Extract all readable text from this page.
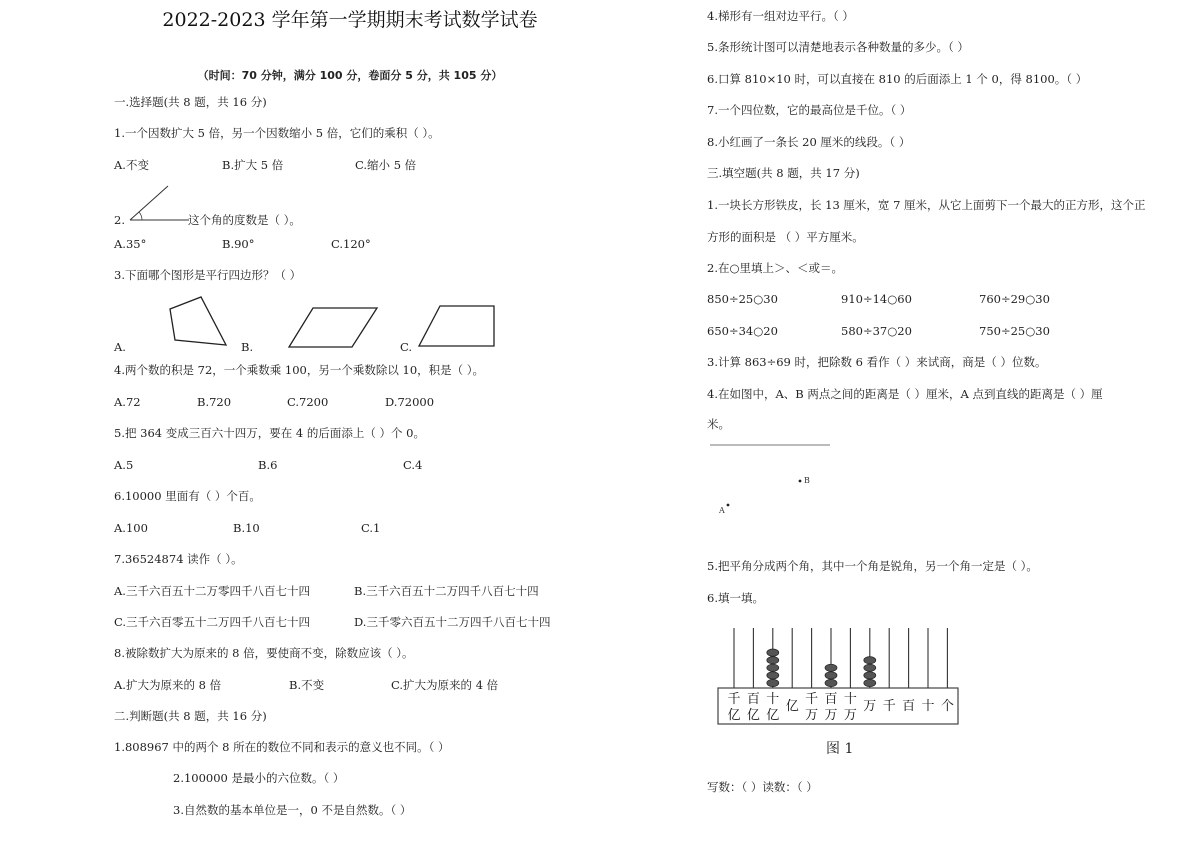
2022-2023 学年第一学期期末考试数学试卷
（时间：70 分钟，满分 100 分，卷面分 5 分，共 105 分）
一.选择题(共 8 题，共 16 分)
1.一个因数扩大 5 倍，另一个因数缩小 5 倍，它们的乘积（ ）。
A.不变	B.扩大 5 倍	C.缩小 5 倍
2.	这个角的度数是（ ）。
A.35°	B.90°	C.120°
3.下面哪个图形是平行四边形？（ ）
A.	B.	C.
4.两个数的积是 72，一个乘数乘 100，另一个乘数除以 10，积是（ ）。
A.72	B.720	C.7200	D.72000
5.把 364 变成三百六十四万，要在 4 的后面添上（ ）个 0。
A.5	B.6	C.4
6.10000 里面有（ ）个百。
A.100	B.10	C.1
7.36524874 读作（ ）。
A.三千六百五十二万零四千八百七十四	B.三千六百五十二万四千八百七十四
C.三千六百零五十二万四千八百七十四	D.三千零六百五十二万四千八百七十四
8.被除数扩大为原来的 8 倍，要使商不变，除数应该（ ）。
A.扩大为原来的 8 倍	B.不变	C.扩大为原来的 4 倍
二.判断题(共 8 题，共 16 分)
1.808967 中的两个 8 所在的数位不同和表示的意义也不同。（ ）
2.100000 是最小的六位数。（ ）
3.自然数的基本单位是一，0 不是自然数。（ ）
4.梯形有一组对边平行。（ ）
5.条形统计图可以清楚地表示各种数量的多少。（ ）
6.口算 810×10 时，可以直接在 810 的后面添上 1 个 0，得 8100。（ ）
7.一个四位数，它的最高位是千位。（ ）
8.小红画了一条长 20 厘米的线段。（ ）
三.填空题(共 8 题，共 17 分)
1.一块长方形铁皮，长 13 厘米，宽 7 厘米，从它上面剪下一个最大的正方形，这个正
方形的面积是 （ ）平方厘米。
2.在○里填上＞、＜或＝。
850÷25○30	910÷14○60	760÷29○30
650÷34○20	580÷37○20	750÷25○30
3.计算 863÷69 时，把除数 6 看作（ ）来试商，商是（ ）位数。
4.在如图中，A、B 两点之间的距离是（ ）厘米，A 点到直线的距离是（ ）厘
米。
B
A
5.把平角分成两个角，其中一个角是锐角，另一个角一定是（ ）。
6.填一填。
千
亿
百
亿
十
亿
亿 千
万
百
万
十
万
万 千 百 十 个
图 1
写数：（ ）读数：（ ）
